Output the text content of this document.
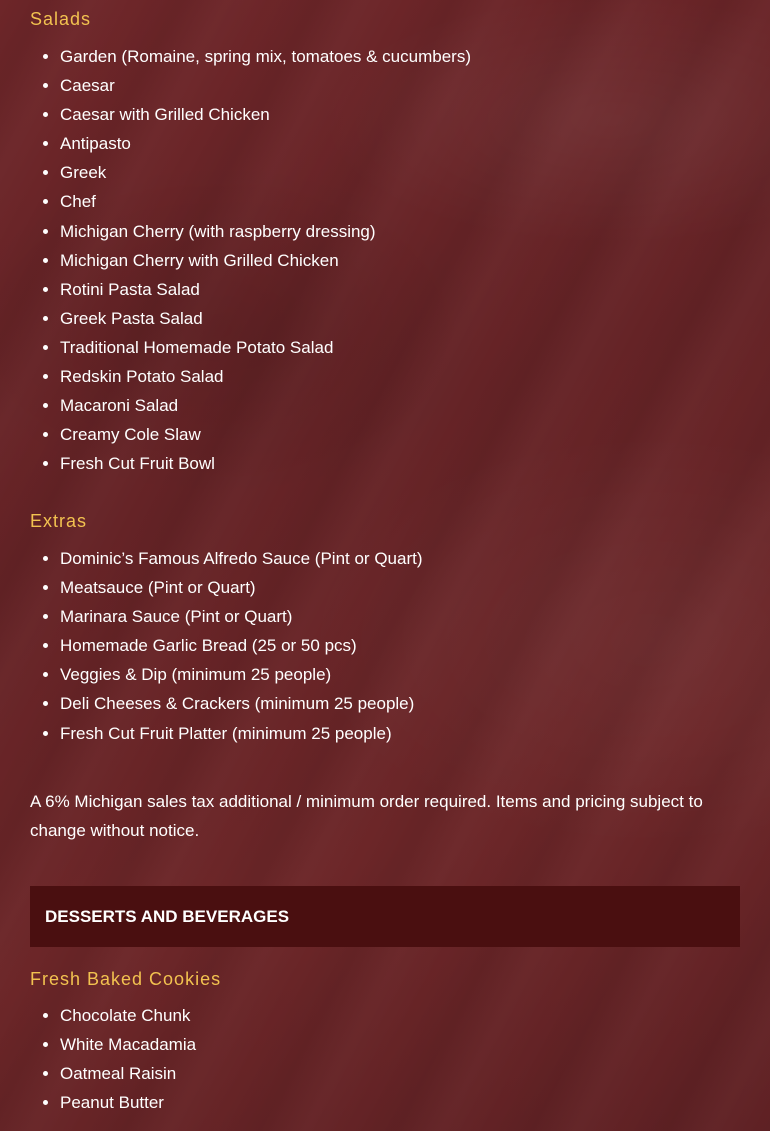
Salads
• Garden (Romaine, spring mix, tomatoes & cucumbers)
• Caesar
• Caesar with Grilled Chicken
• Antipasto
• Greek
• Chef
• Michigan Cherry (with raspberry dressing)
• Michigan Cherry with Grilled Chicken
• Rotini Pasta Salad
• Greek Pasta Salad
• Traditional Homemade Potato Salad
• Redskin Potato Salad
• Macaroni Salad
• Creamy Cole Slaw
• Fresh Cut Fruit Bowl
Extras
• Dominic’s Famous Alfredo Sauce (Pint or Quart)
• Meatsauce (Pint or Quart)
• Marinara Sauce (Pint or Quart)
• Homemade Garlic Bread (25 or 50 pcs)
• Veggies & Dip (minimum 25 people)
• Deli Cheeses & Crackers (minimum 25 people)
• Fresh Cut Fruit Platter (minimum 25 people)

A 6% Michigan sales tax additional / minimum order required. Items and pricing subject to change without notice.

DESSERTS AND BEVERAGES
Fresh Baked Cookies
• Chocolate Chunk
• White Macadamia
• Oatmeal Raisin
• Peanut Butter
